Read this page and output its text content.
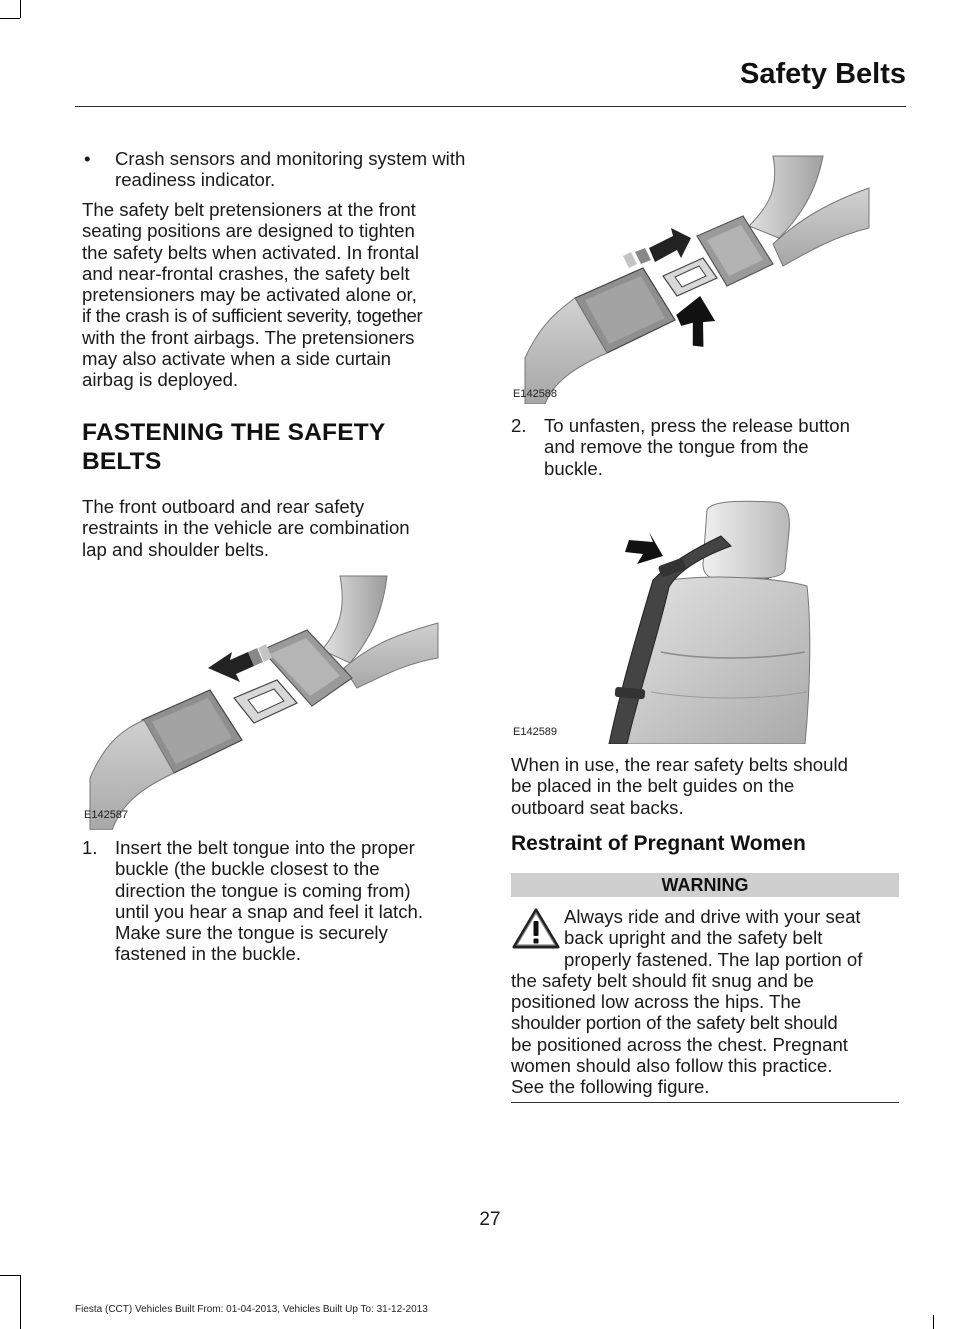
Safety Belts
•	Crash sensors and monitoring system with readiness indicator.
The safety belt pretensioners at the front
seating positions are designed to tighten
the safety belts when activated. In frontal
and near-frontal crashes, the safety belt
pretensioners may be activated alone or,
if the crash is of sufficient severity, together
with the front airbags. The pretensioners
may also activate when a side curtain
airbag is deployed.
FASTENING THE SAFETY
BELTS
The front outboard and rear safety
restraints in the vehicle are combination
lap and shoulder belts.
E142587
1. Insert the belt tongue into the proper
buckle (the buckle closest to the
direction the tongue is coming from)
until you hear a snap and feel it latch.
Make sure the tongue is securely
fastened in the buckle.
E142588
2. To unfasten, press the release button
and remove the tongue from the
buckle.
E142589
When in use, the rear safety belts should
be placed in the belt guides on the
outboard seat backs.
Restraint of Pregnant Women
WARNING
Always ride and drive with your seat
back upright and the safety belt
properly fastened. The lap portion of
the safety belt should fit snug and be
positioned low across the hips. The
shoulder portion of the safety belt should
be positioned across the chest. Pregnant
women should also follow this practice.
See the following figure.
27
Fiesta (CCT) Vehicles Built From: 01-04-2013, Vehicles Built Up To: 31-12-2013
